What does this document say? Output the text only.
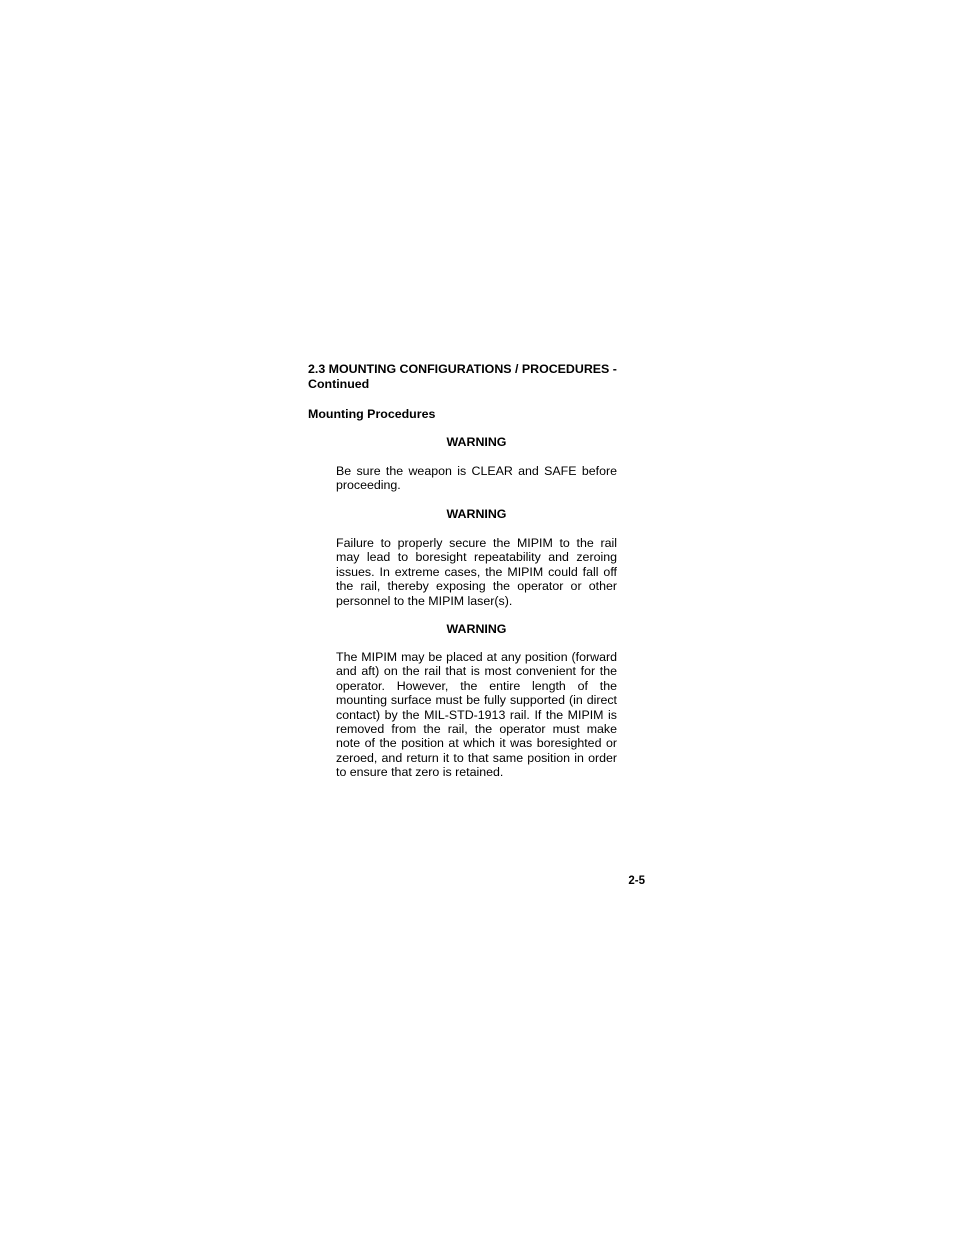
2.3 MOUNTING CONFIGURATIONS / PROCEDURES -
Continued
Mounting Procedures
WARNING

Be sure the weapon is CLEAR and SAFE before proceeding.

WARNING

Failure to properly secure the MIPIM to the rail may lead to boresight repeatability and zeroing issues. In extreme cases, the MIPIM could fall off the rail, thereby exposing the operator or other personnel to the MIPIM laser(s).

WARNING

The MIPIM may be placed at any position (forward and aft) on the rail that is most convenient for the operator. However, the entire length of the mounting surface must be fully supported (in direct contact) by the MIL-STD-1913 rail. If the MIPIM is removed from the rail, the operator must make note of the position at which it was boresighted or zeroed, and return it to that same position in order to ensure that zero is retained.

2-5
